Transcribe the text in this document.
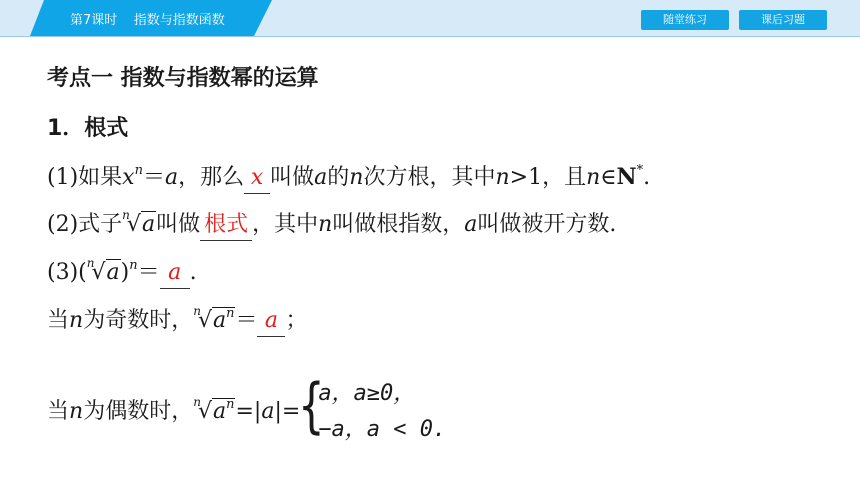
第7课时    指数与指数函数	随堂练习	课后习题
考点一 指数与指数幂的运算
1．根式
(1)如果$x^n=a$，那么 x 叫做a的n次方根，其中n>1，且n∈N*.
(2)式子$^n$√a叫做 根式 ，其中n叫做根指数，a叫做被开方数.
$(3)(^n√a)^n= a$ .
当n为奇数时，$^n√a^n= a$ ；
当n为偶数时，$^n√a^n=|a|=$
{
a，a≥0，
−a，a < 0.
